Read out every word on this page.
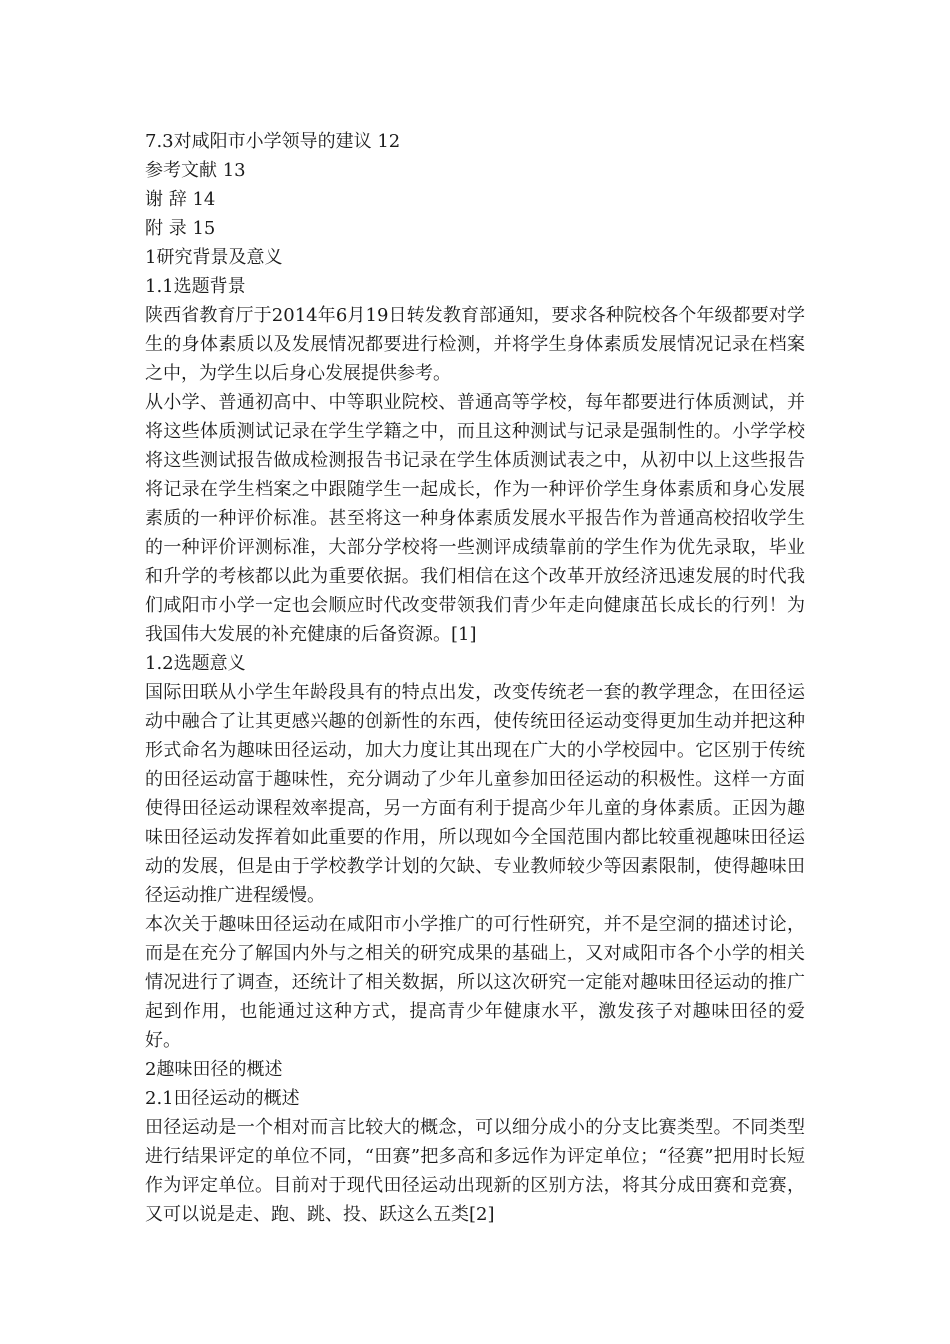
7.3对咸阳市小学领导的建议 12
参考文献 13
谢 辞 14
附 录 15
1研究背景及意义
1.1选题背景
陕西省教育厅于2014年6月19日转发教育部通知，要求各种院校各个年级都要对学生的身体素质以及发展情况都要进行检测，并将学生身体素质发展情况记录在档案之中，为学生以后身心发展提供参考。
从小学、普通初高中、中等职业院校、普通高等学校，每年都要进行体质测试，并将这些体质测试记录在学生学籍之中，而且这种测试与记录是强制性的。小学学校将这些测试报告做成检测报告书记录在学生体质测试表之中，从初中以上这些报告将记录在学生档案之中跟随学生一起成长，作为一种评价学生身体素质和身心发展素质的一种评价标准。甚至将这一种身体素质发展水平报告作为普通高校招收学生的一种评价评测标准，大部分学校将一些测评成绩靠前的学生作为优先录取，毕业和升学的考核都以此为重要依据。我们相信在这个改革开放经济迅速发展的时代我们咸阳市小学一定也会顺应时代改变带领我们青少年走向健康茁长成长的行列！为我国伟大发展的补充健康的后备资源。[1]
1.2选题意义
国际田联从小学生年龄段具有的特点出发，改变传统老一套的教学理念，在田径运动中融合了让其更感兴趣的创新性的东西，使传统田径运动变得更加生动并把这种形式命名为趣味田径运动，加大力度让其出现在广大的小学校园中。它区别于传统的田径运动富于趣味性，充分调动了少年儿童参加田径运动的积极性。这样一方面使得田径运动课程效率提高，另一方面有利于提高少年儿童的身体素质。正因为趣味田径运动发挥着如此重要的作用，所以现如今全国范围内都比较重视趣味田径运动的发展，但是由于学校教学计划的欠缺、专业教师较少等因素限制，使得趣味田径运动推广进程缓慢。
本次关于趣味田径运动在咸阳市小学推广的可行性研究，并不是空洞的描述讨论，而是在充分了解国内外与之相关的研究成果的基础上，又对咸阳市各个小学的相关情况进行了调查，还统计了相关数据，所以这次研究一定能对趣味田径运动的推广起到作用，也能通过这种方式，提高青少年健康水平，激发孩子对趣味田径的爱好。
2趣味田径的概述
2.1田径运动的概述
田径运动是一个相对而言比较大的概念，可以细分成小的分支比赛类型。不同类型进行结果评定的单位不同，“田赛”把多高和多远作为评定单位；“径赛”把用时长短作为评定单位。目前对于现代田径运动出现新的区别方法，将其分成田赛和竞赛，又可以说是走、跑、跳、投、跃这么五类[2]
